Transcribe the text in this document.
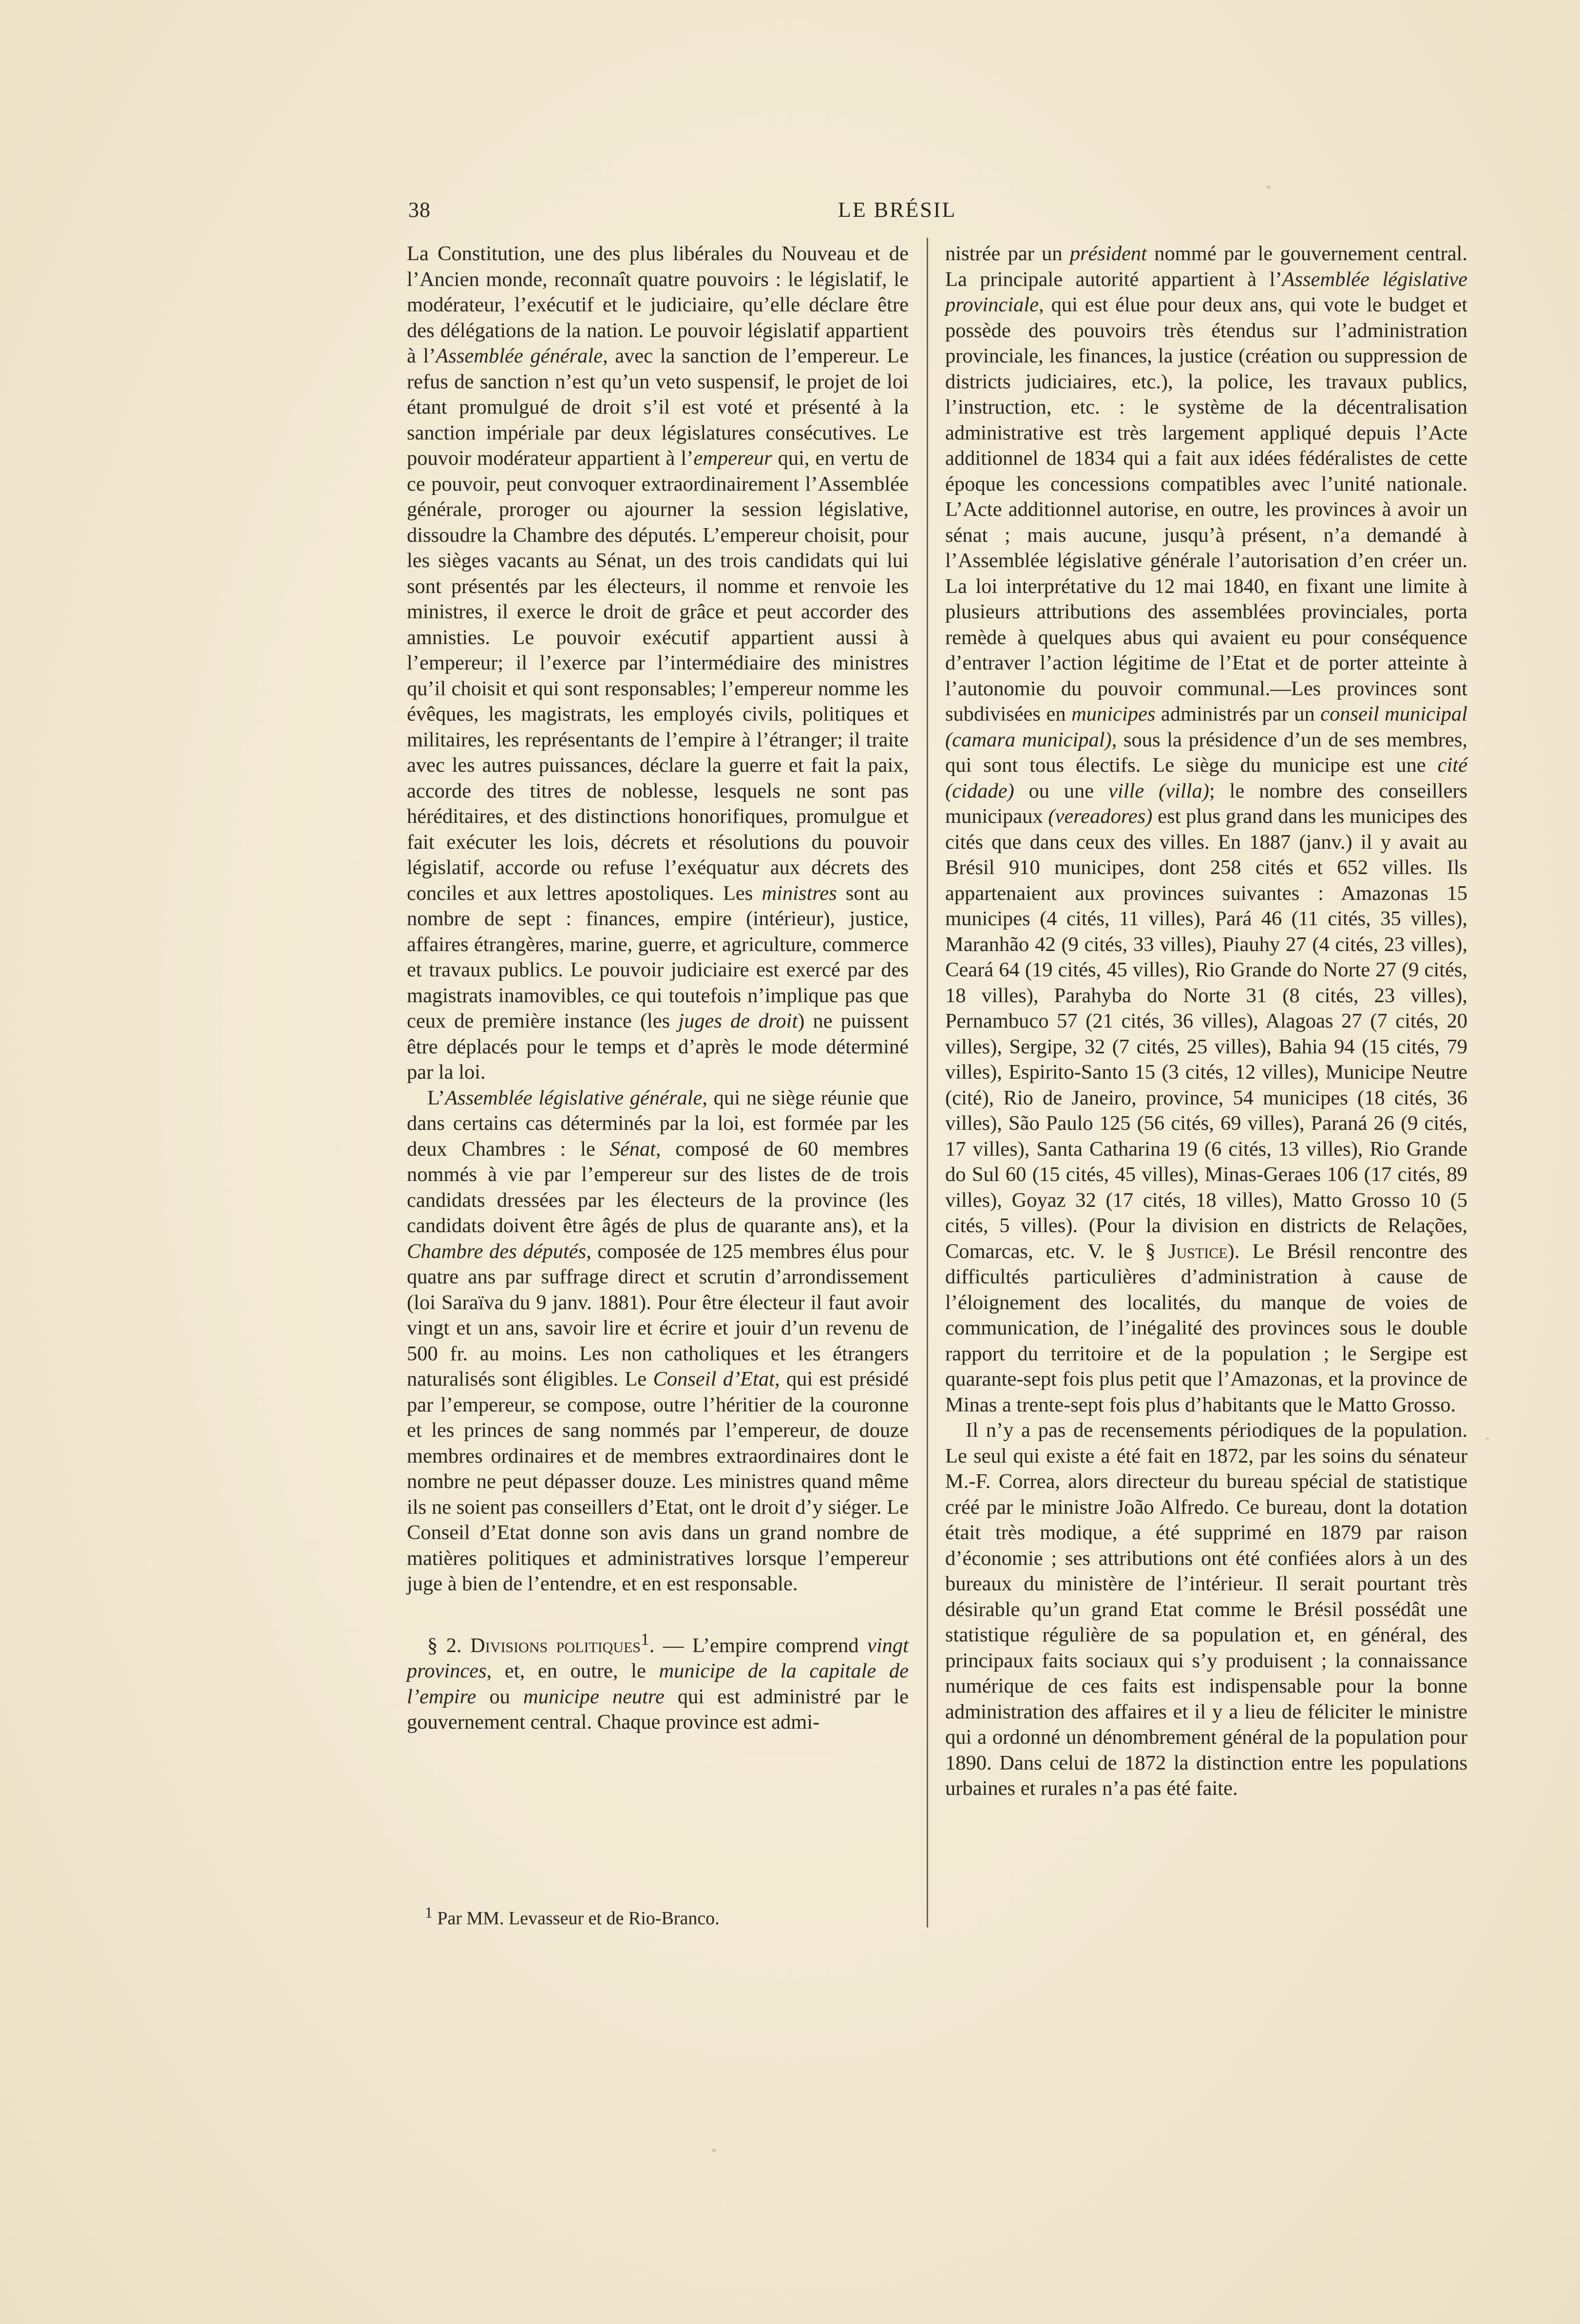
38	LE BRÉSIL

La Constitution, une des plus libérales du Nouveau et de l’Ancien monde, reconnaît quatre pouvoirs : le législatif, le modérateur, l’exécutif et le judiciaire, qu’elle déclare être des délégations de la nation. Le pouvoir législatif appartient à l’Assemblée générale, avec la sanction de l’empereur. Le refus de sanction n’est qu’un veto suspensif, le projet de loi étant promulgué de droit s’il est voté et présenté à la sanction impériale par deux législatures consécutives. Le pouvoir modérateur appartient à l’empereur qui, en vertu de ce pouvoir, peut convoquer extraordinairement l’Assemblée générale, proroger ou ajourner la session législative, dissoudre la Chambre des députés. L’empereur choisit, pour les sièges vacants au Sénat, un des trois candidats qui lui sont présentés par les électeurs, il nomme et renvoie les ministres, il exerce le droit de grâce et peut accorder des amnisties. Le pouvoir exécutif appartient aussi à l’empereur; il l’exerce par l’intermédiaire des ministres qu’il choisit et qui sont responsables; l’empereur nomme les évêques, les magistrats, les employés civils, politiques et militaires, les représentants de l’empire à l’étranger; il traite avec les autres puissances, déclare la guerre et fait la paix, accorde des titres de noblesse, lesquels ne sont pas héréditaires, et des distinctions honorifiques, promulgue et fait exécuter les lois, décrets et résolutions du pouvoir législatif, accorde ou refuse l’exéquatur aux décrets des conciles et aux lettres apostoliques. Les ministres sont au nombre de sept : finances, empire (intérieur), justice, affaires étrangères, marine, guerre, et agriculture, commerce et travaux publics. Le pouvoir judiciaire est exercé par des magistrats inamovibles, ce qui toutefois n’implique pas que ceux de première instance (les juges de droit) ne puissent être déplacés pour le temps et d’après le mode déterminé par la loi.

L’Assemblée législative générale, qui ne siège réunie que dans certains cas déterminés par la loi, est formée par les deux Chambres : le Sénat, composé de 60 membres nommés à vie par l’empereur sur des listes de de trois candidats dressées par les électeurs de la province (les candidats doivent être âgés de plus de quarante ans), et la Chambre des députés, composée de 125 membres élus pour quatre ans par suffrage direct et scrutin d’arrondissement (loi Saraïva du 9 janv. 1881). Pour être électeur il faut avoir vingt et un ans, savoir lire et écrire et jouir d’un revenu de 500 fr. au moins. Les non catholiques et les étrangers naturalisés sont éligibles. Le Conseil d’Etat, qui est présidé par l’empereur, se compose, outre l’héritier de la couronne et les princes de sang nommés par l’empereur, de douze membres ordinaires et de membres extraordinaires dont le nombre ne peut dépasser douze. Les ministres quand même ils ne soient pas conseillers d’Etat, ont le droit d’y siéger. Le Conseil d’Etat donne son avis dans un grand nombre de matières politiques et administratives lorsque l’empereur juge à bien de l’entendre, et en est responsable.

§ 2. Divisions politiques$^1$. — L’empire comprend vingt provinces, et, en outre, le municipe de la capitale de l’empire ou municipe neutre qui est administré par le gouvernement central. Chaque province est admi-

nistrée par un président nommé par le gouvernement central. La principale autorité appartient à l’Assemblée législative provinciale, qui est élue pour deux ans, qui vote le budget et possède des pouvoirs très étendus sur l’administration provinciale, les finances, la justice (création ou suppression de districts judiciaires, etc.), la police, les travaux publics, l’instruction, etc. : le système de la décentralisation administrative est très largement appliqué depuis l’Acte additionnel de 1834 qui a fait aux idées fédéralistes de cette époque les concessions compatibles avec l’unité nationale. L’Acte additionnel autorise, en outre, les provinces à avoir un sénat ; mais aucune, jusqu’à présent, n’a demandé à l’Assemblée législative générale l’autorisation d’en créer un. La loi interprétative du 12 mai 1840, en fixant une limite à plusieurs attributions des assemblées provinciales, porta remède à quelques abus qui avaient eu pour conséquence d’entraver l’action légitime de l’Etat et de porter atteinte à l’autonomie du pouvoir communal.—Les provinces sont subdivisées en municipes administrés par un conseil municipal (camara municipal), sous la présidence d’un de ses membres, qui sont tous électifs. Le siège du municipe est une cité (cidade) ou une ville (villa); le nombre des conseillers municipaux (vereadores) est plus grand dans les municipes des cités que dans ceux des villes. En 1887 (janv.) il y avait au Brésil 910 municipes, dont 258 cités et 652 villes. Ils appartenaient aux provinces suivantes : Amazonas 15 municipes (4 cités, 11 villes), Pará 46 (11 cités, 35 villes), Maranhão 42 (9 cités, 33 villes), Piauhy 27 (4 cités, 23 villes), Ceará 64 (19 cités, 45 villes), Rio Grande do Norte 27 (9 cités, 18 villes), Parahyba do Norte 31 (8 cités, 23 villes), Pernambuco 57 (21 cités, 36 villes), Alagoas 27 (7 cités, 20 villes), Sergipe, 32 (7 cités, 25 villes), Bahia 94 (15 cités, 79 villes), Espirito-Santo 15 (3 cités, 12 villes), Municipe Neutre (cité), Rio de Janeiro, province, 54 municipes (18 cités, 36 villes), São Paulo 125 (56 cités, 69 villes), Paraná 26 (9 cités, 17 villes), Santa Catharina 19 (6 cités, 13 villes), Rio Grande do Sul 60 (15 cités, 45 villes), Minas-Geraes 106 (17 cités, 89 villes), Goyaz 32 (17 cités, 18 villes), Matto Grosso 10 (5 cités, 5 villes). (Pour la division en districts de Relações, Comarcas, etc. V. le § Justice). Le Brésil rencontre des difficultés particulières d’administration à cause de l’éloignement des localités, du manque de voies de communication, de l’inégalité des provinces sous le double rapport du territoire et de la population ; le Sergipe est quarante-sept fois plus petit que l’Amazonas, et la province de Minas a trente-sept fois plus d’habitants que le Matto Grosso.

Il n’y a pas de recensements périodiques de la population. Le seul qui existe a été fait en 1872, par les soins du sénateur M.-F. Correa, alors directeur du bureau spécial de statistique créé par le ministre João Alfredo. Ce bureau, dont la dotation était très modique, a été supprimé en 1879 par raison d’économie ; ses attributions ont été confiées alors à un des bureaux du ministère de l’intérieur. Il serait pourtant très désirable qu’un grand Etat comme le Brésil possédât une statistique régulière de sa population et, en général, des principaux faits sociaux qui s’y produisent ; la connaissance numérique de ces faits est indispensable pour la bonne administration des affaires et il y a lieu de féliciter le ministre qui a ordonné un dénombrement général de la population pour 1890. Dans celui de 1872 la distinction entre les populations urbaines et rurales n’a pas été faite.

$^1$ Par MM. Levasseur et de Rio-Branco.
